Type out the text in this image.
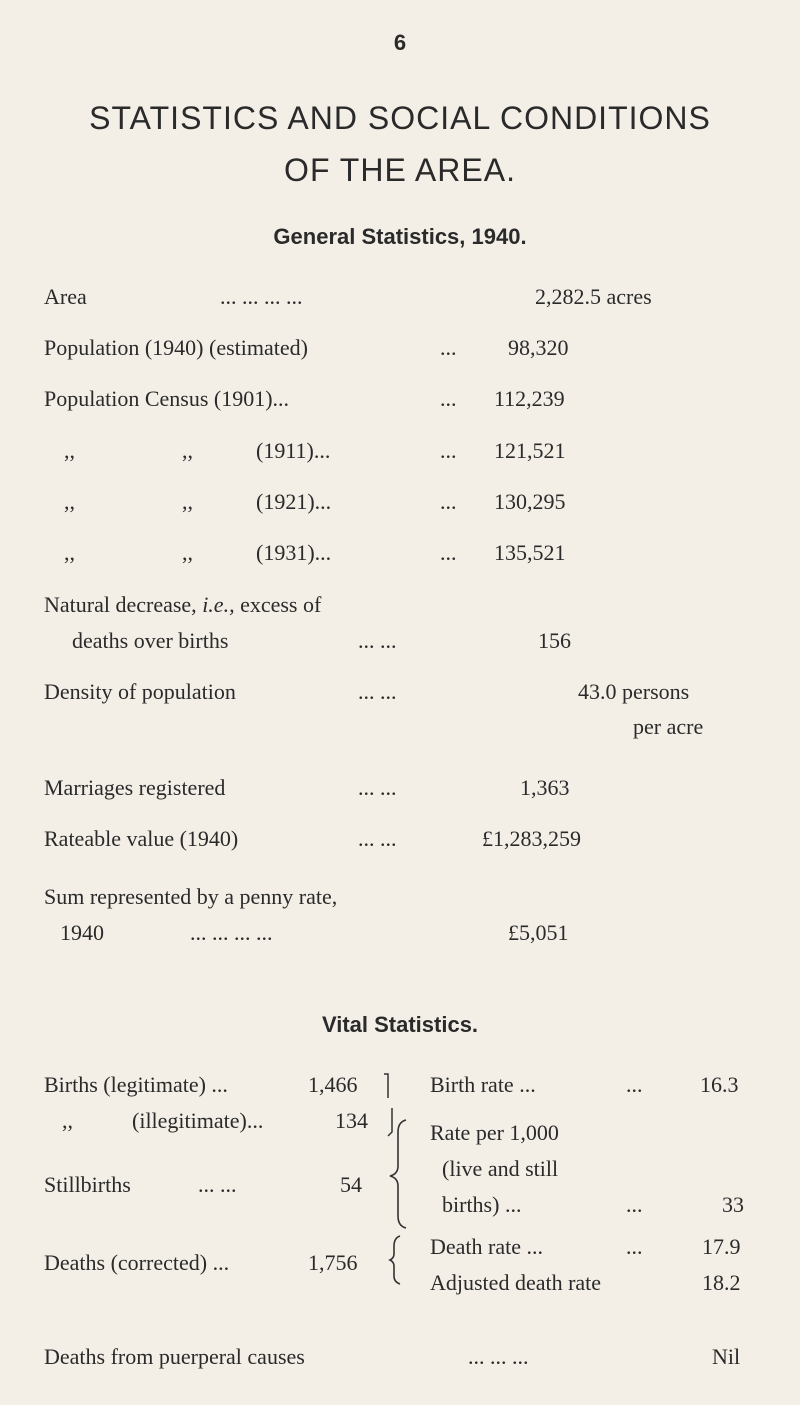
6
STATISTICS AND SOCIAL CONDITIONS
OF THE AREA.
General Statistics, 1940.
Area	... ... ... ...	2,282.5 acres
Population (1940) (estimated)	... 98,320
Population Census (1901)...	... 112,239
,,	,,	(1911)...	... 121,521
,,	,,	(1921)...	... 130,295
,,	,,	(1931)...	... 135,521
Natural decrease, i.e., excess of
deaths over births	... ...	156
Density of population	... ...	43.0 persons
per acre
Marriages registered	... ...	1,363
Rateable value (1940)	... ...	£1,283,259
Sum represented by a penny rate,
1940	... ... ... ...	£5,051
Vital Statistics.
Births (legitimate) ...	1,466
,,	(illegitimate)...	134
Stillbirths	... ...	54
Deaths (corrected) ...	1,756
Birth rate ...	...	16.3
Rate per 1,000
(live and still
births) ...	...	33
Death rate ...	...	17.9
Adjusted death rate	18.2
Deaths from puerperal causes	... ... ...	Nil
